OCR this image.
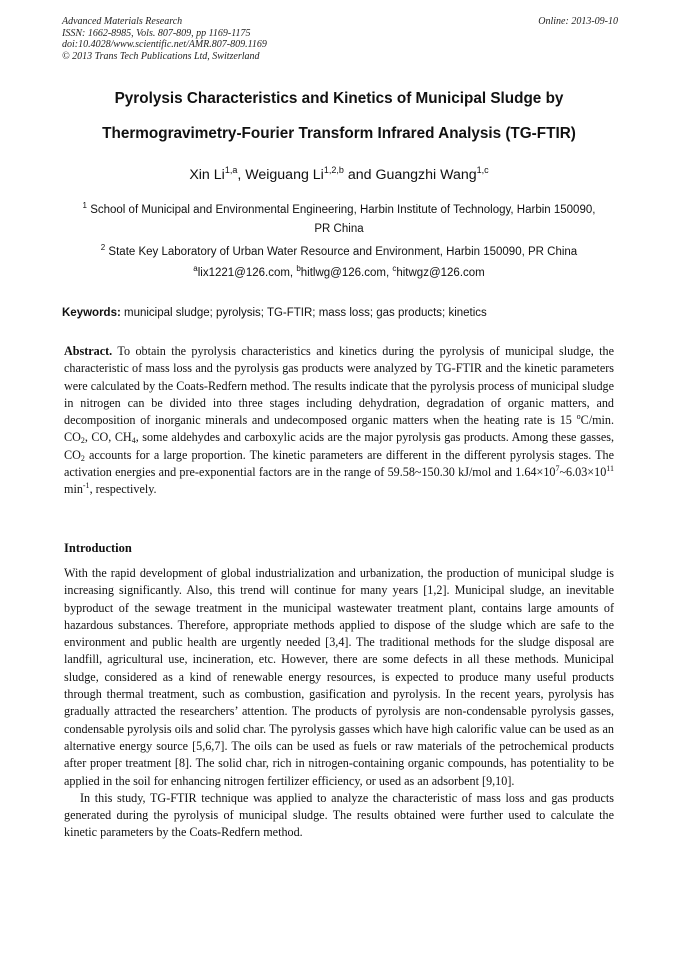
Advanced Materials Research
ISSN: 1662-8985, Vols. 807-809, pp 1169-1175
doi:10.4028/www.scientific.net/AMR.807-809.1169
© 2013 Trans Tech Publications Ltd, Switzerland
Online: 2013-09-10
Pyrolysis Characteristics and Kinetics of Municipal Sludge by
Thermogravimetry-Fourier Transform Infrared Analysis (TG-FTIR)
Xin Li$^{1,a}$, Weiguang Li$^{1,2,b}$ and Guangzhi Wang$^{1,c}$
$^1$ School of Municipal and Environmental Engineering, Harbin Institute of Technology, Harbin 150090, PR China
$^2$ State Key Laboratory of Urban Water Resource and Environment, Harbin 150090, PR China
$^a$lix1221@126.com, $^b$hitlwg@126.com, $^c$hitwgz@126.com
Keywords: municipal sludge; pyrolysis; TG-FTIR; mass loss; gas products; kinetics
Abstract. To obtain the pyrolysis characteristics and kinetics during the pyrolysis of municipal sludge, the characteristic of mass loss and the pyrolysis gas products were analyzed by TG-FTIR and the kinetic parameters were calculated by the Coats-Redfern method. The results indicate that the pyrolysis process of municipal sludge in nitrogen can be divided into three stages including dehydration, degradation of organic matters, and decomposition of inorganic minerals and undecomposed organic matters when the heating rate is 15 $^o$C/min. $CO_2$, CO, $CH_4$, some aldehydes and carboxylic acids are the major pyrolysis gas products. Among these gasses, $CO_2$ accounts for a large proportion. The kinetic parameters are different in the different pyrolysis stages. The activation energies and pre-exponential factors are in the range of 59.58~150.30 kJ/mol and $1.64\times 10^7\sim 6.03\times 10^{11}$ $\min^{-1}$, respectively.
Introduction

With the rapid development of global industrialization and urbanization, the production of municipal sludge is increasing significantly. Also, this trend will continue for many years [1,2]. Municipal sludge, an inevitable byproduct of the sewage treatment in the municipal wastewater treatment plant, contains large amounts of hazardous substances. Therefore, appropriate methods applied to dispose of the sludge which are safe to the environment and public health are urgently needed [3,4]. The traditional methods for the sludge disposal are landfill, agricultural use, incineration, etc. However, there are some defects in all these methods. Municipal sludge, considered as a kind of renewable energy resources, is expected to produce many useful products through thermal treatment, such as combustion, gasification and pyrolysis. In the recent years, pyrolysis has gradually attracted the researchers’ attention. The products of pyrolysis are non-condensable pyrolysis gasses, condensable pyrolysis oils and solid char. The pyrolysis gasses which have high calorific value can be used as an alternative energy source [5,6,7]. The oils can be used as fuels or raw materials of the petrochemical products after proper treatment [8]. The solid char, rich in nitrogen-containing organic compounds, has potentiality to be applied in the soil for enhancing nitrogen fertilizer efficiency, or used as an adsorbent [9,10].

In this study, TG-FTIR technique was applied to analyze the characteristic of mass loss and gas products generated during the pyrolysis of municipal sludge. The results obtained were further used to calculate the kinetic parameters by the Coats-Redfern method.
